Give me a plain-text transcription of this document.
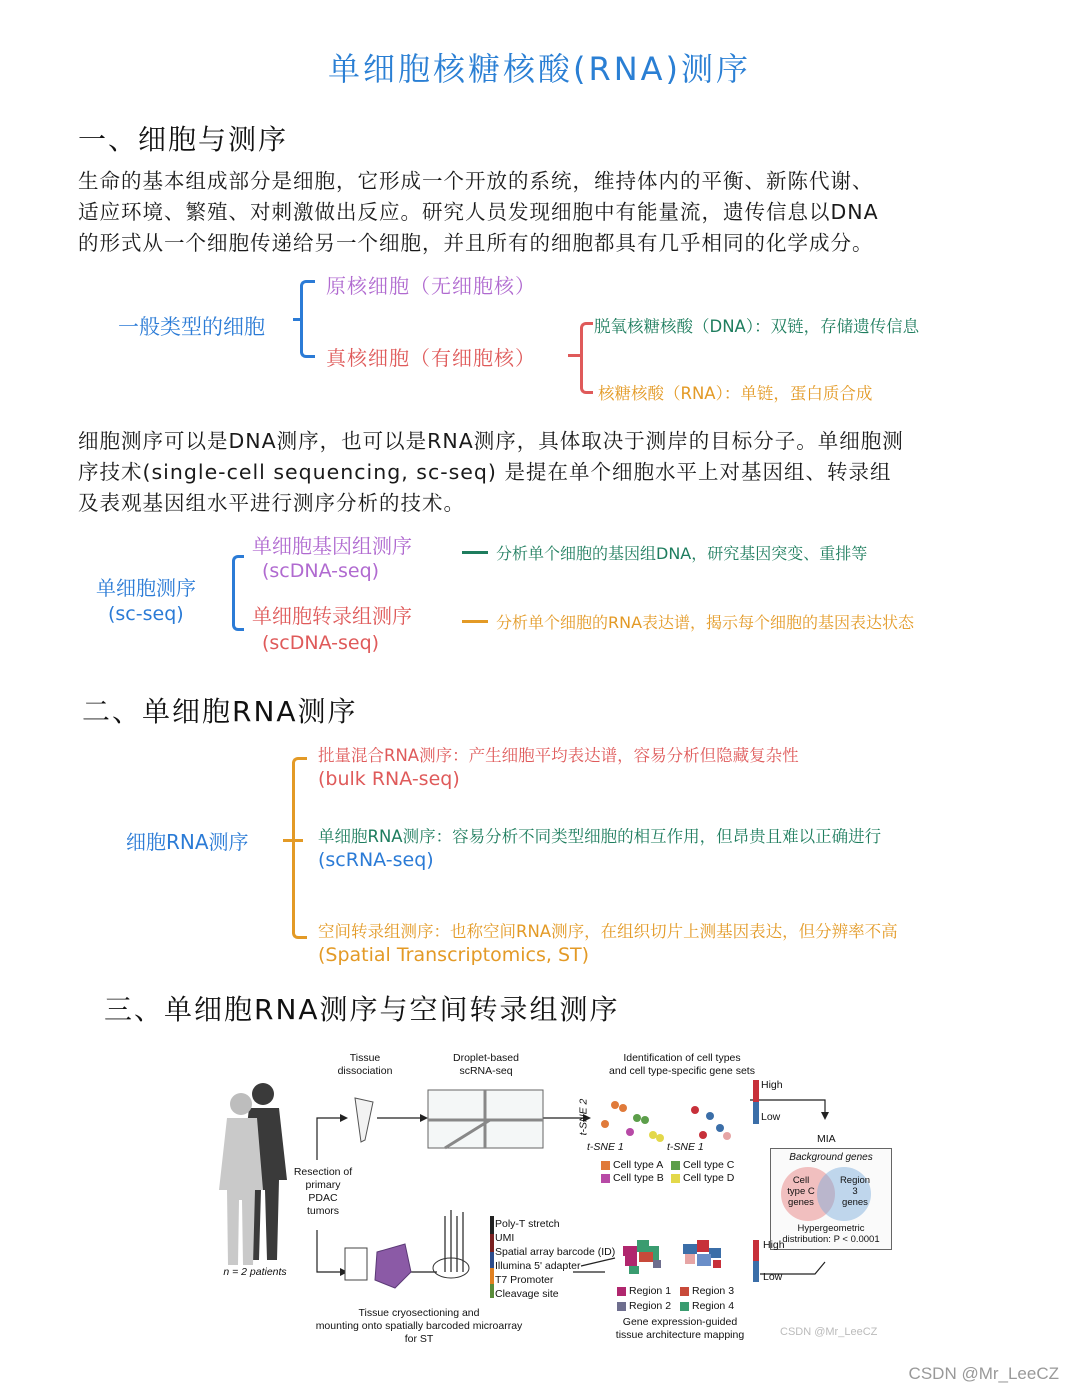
单细胞核糖核酸(RNA)测序
一、细胞与测序
生命的基本组成部分是细胞，它形成一个开放的系统，维持体内的平衡、新陈代谢、
适应环境、繁殖、对刺激做出反应。研究人员发现细胞中有能量流，遗传信息以DNA
的形式从一个细胞传递给另一个细胞，并且所有的细胞都具有几乎相同的化学成分。
一般类型的细胞
原核细胞（无细胞核）
真核细胞（有细胞核）
脱氧核糖核酸（DNA）：双链，存储遗传信息
核糖核酸（RNA）：单链，蛋白质合成
细胞测序可以是DNA测序，也可以是RNA测序，具体取决于测岸的目标分子。单细胞测
序技术(single-cell sequencing, sc-seq) 是提在单个细胞水平上对基因组、转录组
及表观基因组水平进行测序分析的技术。
单细胞测序
(sc-seq)
单细胞基因组测序
(scDNA-seq)
分析单个细胞的基因组DNA，研究基因突变、重排等
单细胞转录组测序
(scDNA-seq)
分析单个细胞的RNA表达谱，揭示每个细胞的基因表达状态
二、单细胞RNA测序
细胞RNA测序
批量混合RNA测序：产生细胞平均表达谱，容易分析但隐藏复杂性
(bulk RNA-seq)
单细胞RNA测序：容易分析不同类型细胞的相互作用，但昂贵且难以正确进行
(scRNA-seq)
空间转录组测序：也称空间RNA测序，在组织切片上测基因表达，但分辨率不高
(Spatial Transcriptomics, ST)
三、单细胞RNA测序与空间转录组测序
n = 2 patients
Resection of
primary
PDAC
tumors
Tissue
dissociation
Droplet-based
scRNA-seq
Identification of cell types
and cell type-specific gene sets
High
Low
t-SNE 2
t-SNE 1	t-SNE 1
Cell type A
Cell type B
Cell type C
Cell type D
MIA
Background genes
Cell
type C
genes
Region
3
genes
Hypergeometric
distribution: P < 0.0001
Poly-T stretch
UMI
Spatial array barcode (ID)
Illumina 5' adapter
T7 Promoter
Cleavage site
High
Low
Region 1
Region 2
Region 3
Region 4
Tissue cryosectioning and
mounting onto spatially barcoded microarray
for ST
Gene expression-guided
tissue architecture mapping	CSDN @Mr_LeeCZ
CSDN @Mr_LeeCZ
